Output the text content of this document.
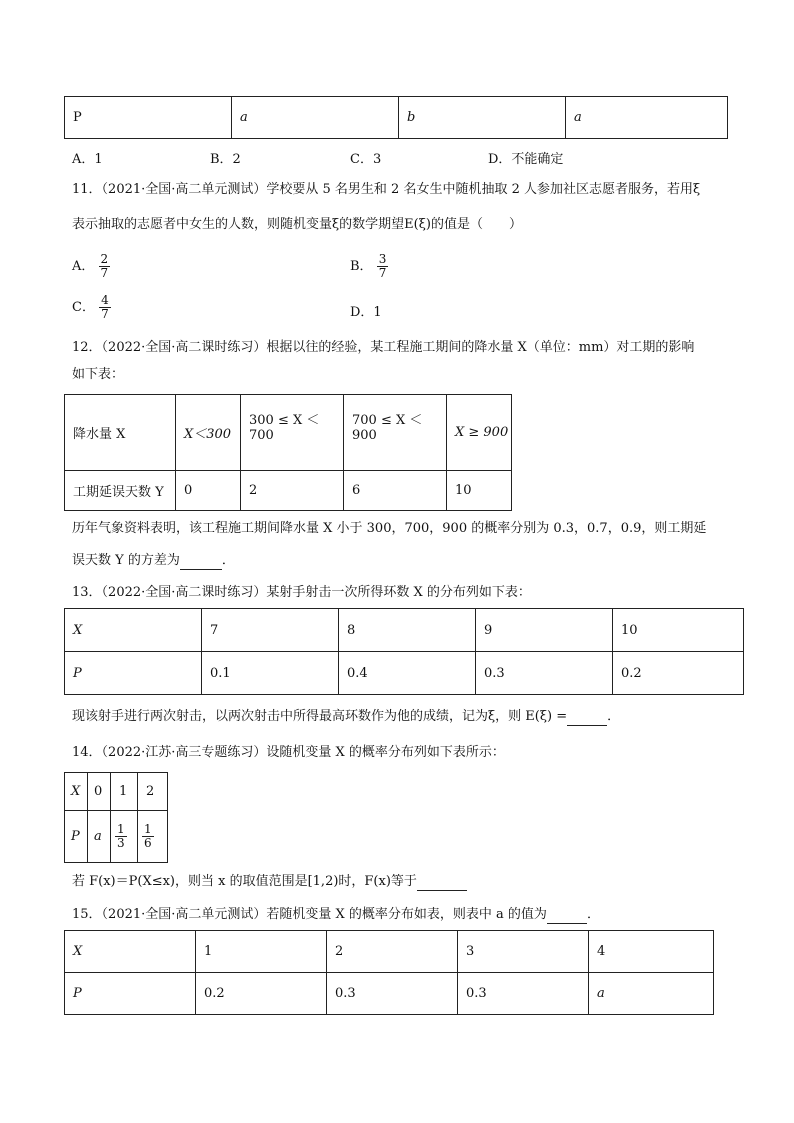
P	a	b	a
A．1	B．2	C．3	D．不能确定
11．（2021·全国·高二单元测试）学校要从 5 名男生和 2 名女生中随机抽取 2 人参加社区志愿者服务，若用ξ
表示抽取的志愿者中女生的人数，则随机变量ξ的数学期望E(ξ)的值是（　　）
A． $\frac{2}{7}$	B． $\frac{3}{7}$
C． $\frac{4}{7}$	D．1
12．（2022·全国·高二课时练习）根据以往的经验，某工程施工期间的降水量 X（单位：mm）对工期的影响
如下表：
降水量 X	X＜300	300 ≤ X ＜700	700 ≤ X ＜900	X ≥ 900
工期延误天数 Y	0	2	6	10
历年气象资料表明，该工程施工期间降水量 X 小于 300，700，900 的概率分别为 0.3，0.7，0.9，则工期延
误天数 Y 的方差为	．
13．（2022·全国·高二课时练习）某射手射击一次所得环数 X 的分布列如下表：
X	7	8	9	10
P	0.1	0.4	0.3	0.2
现该射手进行两次射击，以两次射击中所得最高环数作为他的成绩，记为ξ，则 E(ξ) =	．
14．（2022·江苏·高三专题练习）设随机变量 X 的概率分布列如下表所示：
X	0	1	2
P	a	$\frac{1}{3}$	$\frac{1}{6}$
若 F(x)＝P(X≤x)，则当 x 的取值范围是[1,2)时，F(x)等于
15．（2021·全国·高二单元测试）若随机变量 X 的概率分布如表，则表中 a 的值为	．
X	1	2	3	4
P	0.2	0.3	0.3	a
